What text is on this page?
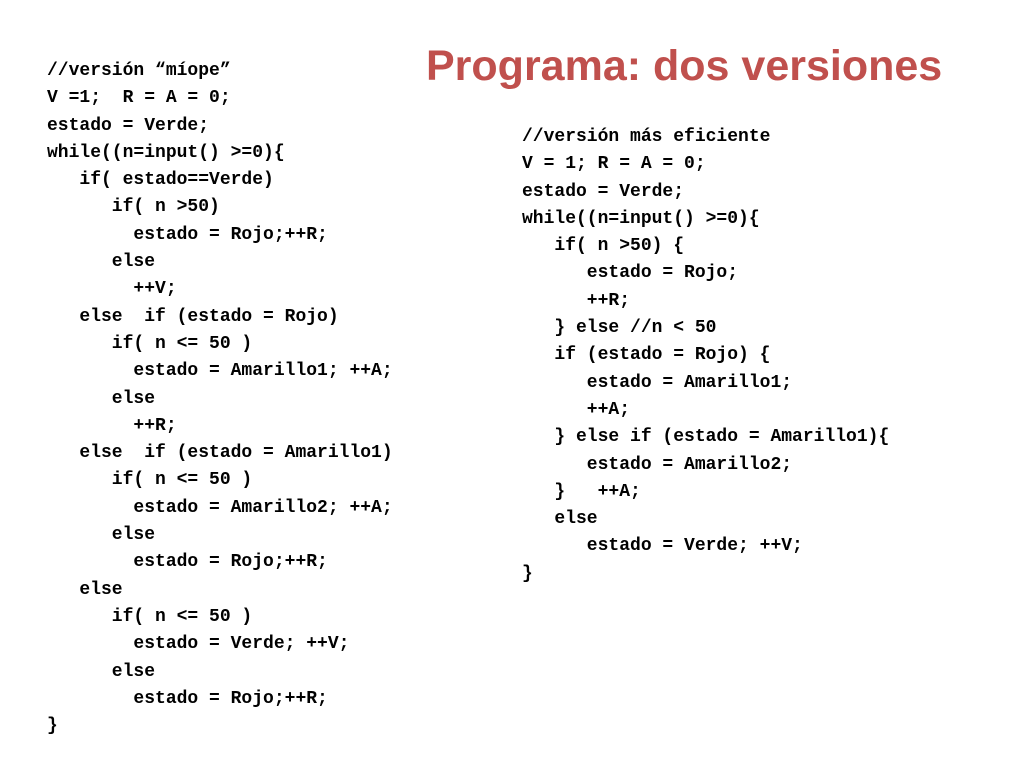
Programa: dos versiones
//versión “míope”
V =1;  R = A = 0;
estado = Verde;
while((n=input() >=0){
if( estado==Verde)
if( n >50)
estado = Rojo;++R;
else
++V;
else  if (estado = Rojo)
if( n <= 50 )
estado = Amarillo1; ++A;
else
++R;
else  if (estado = Amarillo1)
if( n <= 50 )
estado = Amarillo2; ++A;
else
estado = Rojo;++R;
else
if( n <= 50 )
estado = Verde; ++V;
else
estado = Rojo;++R;
}
//versión más eficiente
V = 1; R = A = 0;
estado = Verde;
while((n=input() >=0){
if( n >50) {
estado = Rojo;
++R;
} else //n < 50
if (estado = Rojo) {
estado = Amarillo1;
++A;
} else if (estado = Amarillo1){
estado = Amarillo2;
}   ++A;
else
estado = Verde; ++V;
}
